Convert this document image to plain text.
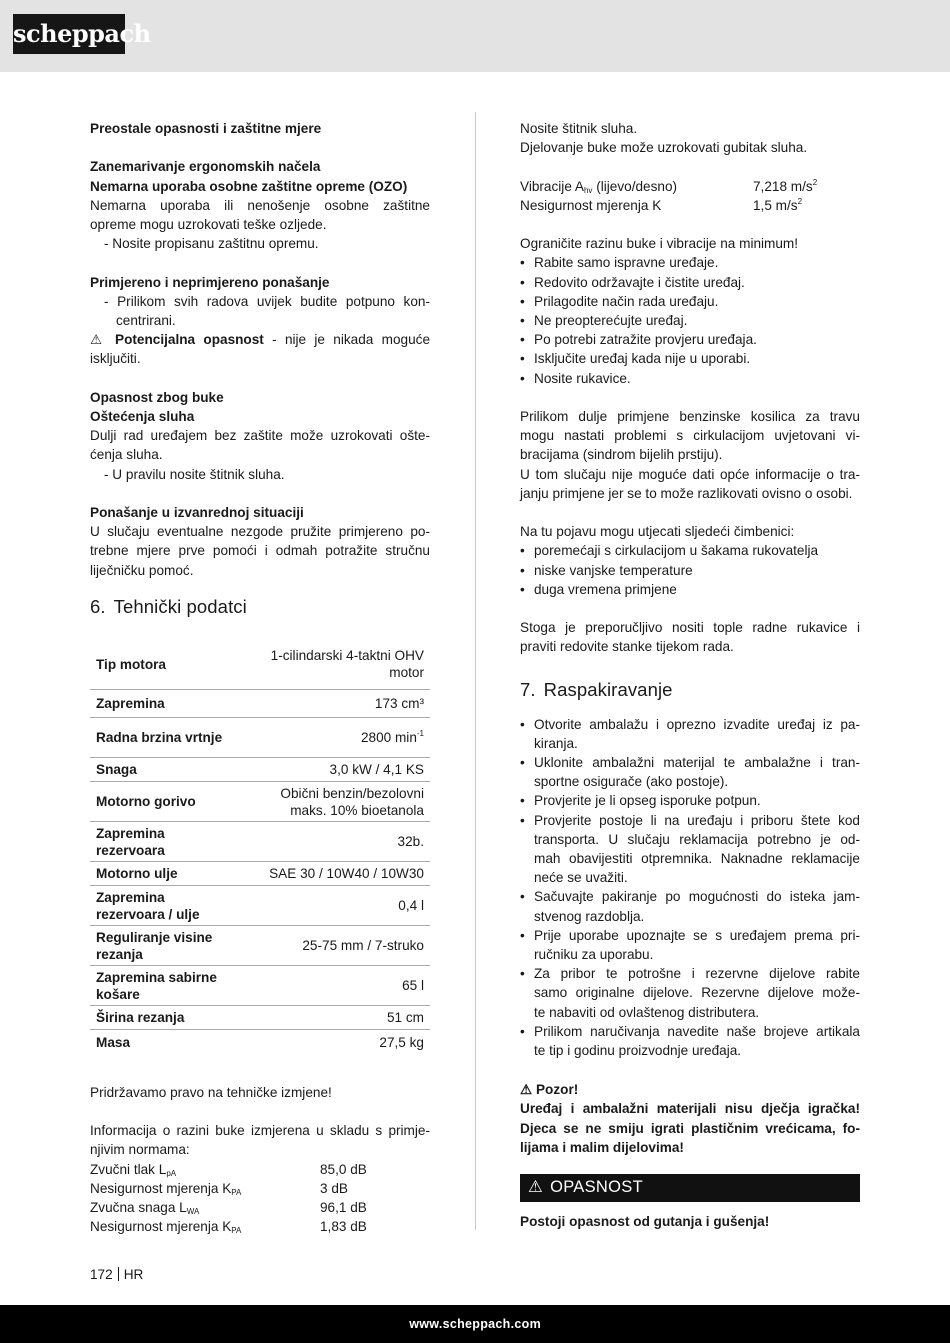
scheppach
Preostale opasnosti i zaštitne mjere
Zanemarivanje ergonomskih načela
Nemarna uporaba osobne zaštitne opreme (OZO)
Nemarna uporaba ili nenošenje osobne zaštitne
opreme mogu uzrokovati teške ozljede.
- Nosite propisanu zaštitnu opremu.
Primjereno i neprimjereno ponašanje
- Prilikom svih radova uvijek budite potpuno kon-
centrirani.
⚠ Potencijalna opasnost - nije je nikada moguće
isključiti.
Opasnost zbog buke
Oštećenja sluha
Dulji rad uređajem bez zaštite može uzrokovati ošte-
ćenja sluha.
- U pravilu nosite štitnik sluha.
Ponašanje u izvanrednoj situaciji
U slučaju eventualne nezgode pružite primjereno po-
trebne mjere prve pomoći i odmah potražite stručnu
liječničku pomoć.
6. Tehnički podatci
Tip motora	1-cilindarski 4-taktni OHV motor
Zapremina	173 cm³
Radna brzina vrtnje	2800 $\min^{-1}$
Snaga	3,0 kW / 4,1 KS
Motorno gorivo	Obični benzin/bezolovni maks. 10% bioetanola
Zapremina rezervoara	32b.
Motorno ulje	SAE 30 / 10W40 / 10W30
Zapremina rezervoara / ulje	0,4 l
Reguliranje visine rezanja	25-75 mm / 7-struko
Zapremina sabirne košare	65 l
Širina rezanja	51 cm
Masa	27,5 kg
Pridržavamo pravo na tehničke izmjene!
Informacija o razini buke izmjerena u skladu s primje-
njivim normama:
Zvučni tlak $L_{pA}$	85,0 dB
Nesigurnost mjerenja $K_{PA}$	3 dB
Zvučna snaga $L_{WA}$	96,1 dB
Nesigurnost mjerenja $K_{PA}$	1,83 dB
Nosite štitnik sluha.
Djelovanje buke može uzrokovati gubitak sluha.
Vibracije $A_{hv}$ (lijevo/desno)	7,218 $m/s^2$
Nesigurnost mjerenja K	1,5 $m/s^2$
Ograničite razinu buke i vibracije na minimum!
• Rabite samo ispravne uređaje.
• Redovito održavajte i čistite uređaj.
• Prilagodite način rada uređaju.
• Ne preopterećujte uređaj.
• Po potrebi zatražite provjeru uređaja.
• Isključite uređaj kada nije u uporabi.
• Nosite rukavice.
Prilikom dulje primjene benzinske kosilica za travu
mogu nastati problemi s cirkulacijom uvjetovani vi-
bracijama (sindrom bijelih prstiju).
U tom slučaju nije moguće dati opće informacije o tra-
janju primjene jer se to može razlikovati ovisno o osobi.
Na tu pojavu mogu utjecati sljedeći čimbenici:
• poremećaji s cirkulacijom u šakama rukovatelja
• niske vanjske temperature
• duga vremena primjene
Stoga je preporučljivo nositi tople radne rukavice i
praviti redovite stanke tijekom rada.
7. Raspakiravanje
• Otvorite ambalažu i oprezno izvadite uređaj iz pa-
kiranja.
• Uklonite ambalažni materijal te ambalažne i tran-
sportne osigurače (ako postoje).
• Provjerite je li opseg isporuke potpun.
• Provjerite postoje li na uređaju i priboru štete kod
transporta. U slučaju reklamacija potrebno je od-
mah obavijestiti otpremnika. Naknadne reklamacije
neće se uvažiti.
• Sačuvajte pakiranje po mogućnosti do isteka jam-
stvenog razdoblja.
• Prije uporabe upoznajte se s uređajem prema pri-
ručniku za uporabu.
• Za pribor te potrošne i rezervne dijelove rabite
samo originalne dijelove. Rezervne dijelove može-
te nabaviti od ovlaštenog distributera.
• Prilikom naručivanja navedite naše brojeve artikala
te tip i godinu proizvodnje uređaja.
⚠ Pozor!
Uređaj i ambalažni materijali nisu dječja igračka!
Djeca se ne smiju igrati plastičnim vrećicama, fo-
lijama i malim dijelovima!
⚠ OPASNOST
Postoji opasnost od gutanja i gušenja!
172 HR
www.scheppach.com
